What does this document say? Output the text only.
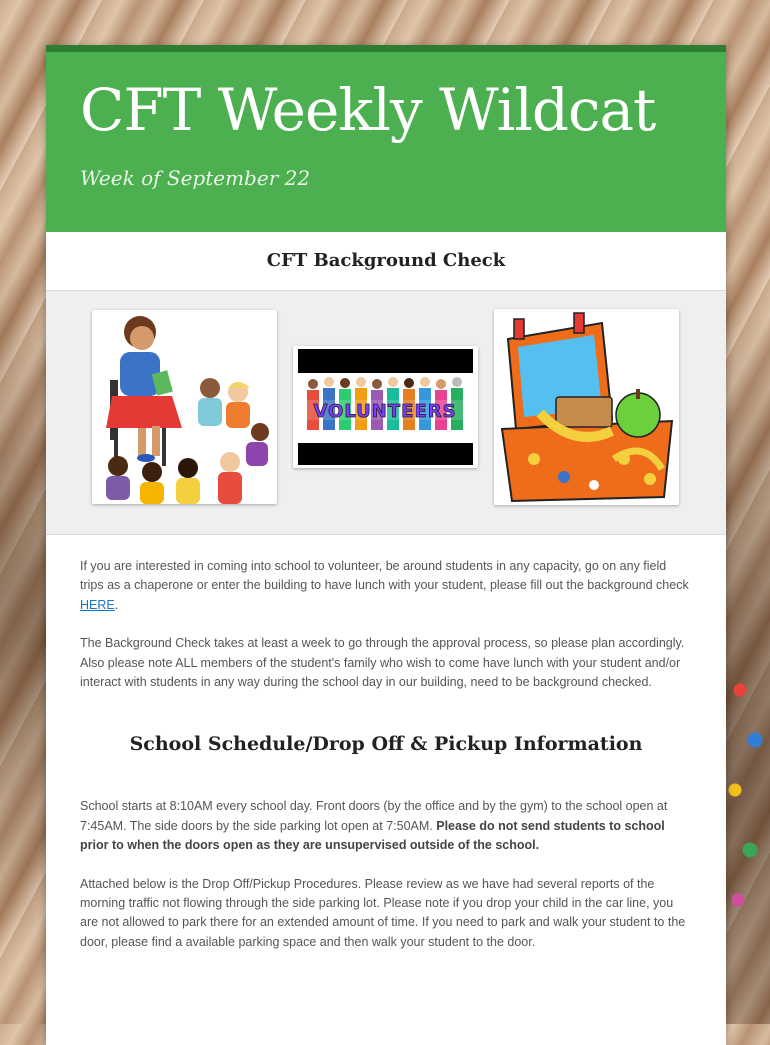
CFT Weekly Wildcat
Week of September 22
CFT Background Check
VOLUNTEERS

If you are interested in coming into school to volunteer, be around students in any capacity, go on any field trips as a chaperone or enter the building to have lunch with your student, please fill out the background check HERE.

The Background Check takes at least a week to go through the approval process, so please plan accordingly. Also please note ALL members of the student's family who wish to come have lunch with your student and/or interact with students in any way during the school day in our building, need to be background checked.

School Schedule/Drop Off & Pickup Information

School starts at 8:10AM every school day. Front doors (by the office and by the gym) to the school open at 7:45AM. The side doors by the side parking lot open at 7:50AM. Please do not send students to school prior to when the doors open as they are unsupervised outside of the school.

Attached below is the Drop Off/Pickup Procedures. Please review as we have had several reports of the morning traffic not flowing through the side parking lot. Please note if you drop your child in the car line, you are not allowed to park there for an extended amount of time. If you need to park and walk your student to the door, please find a available parking space and then walk your student to the door.
